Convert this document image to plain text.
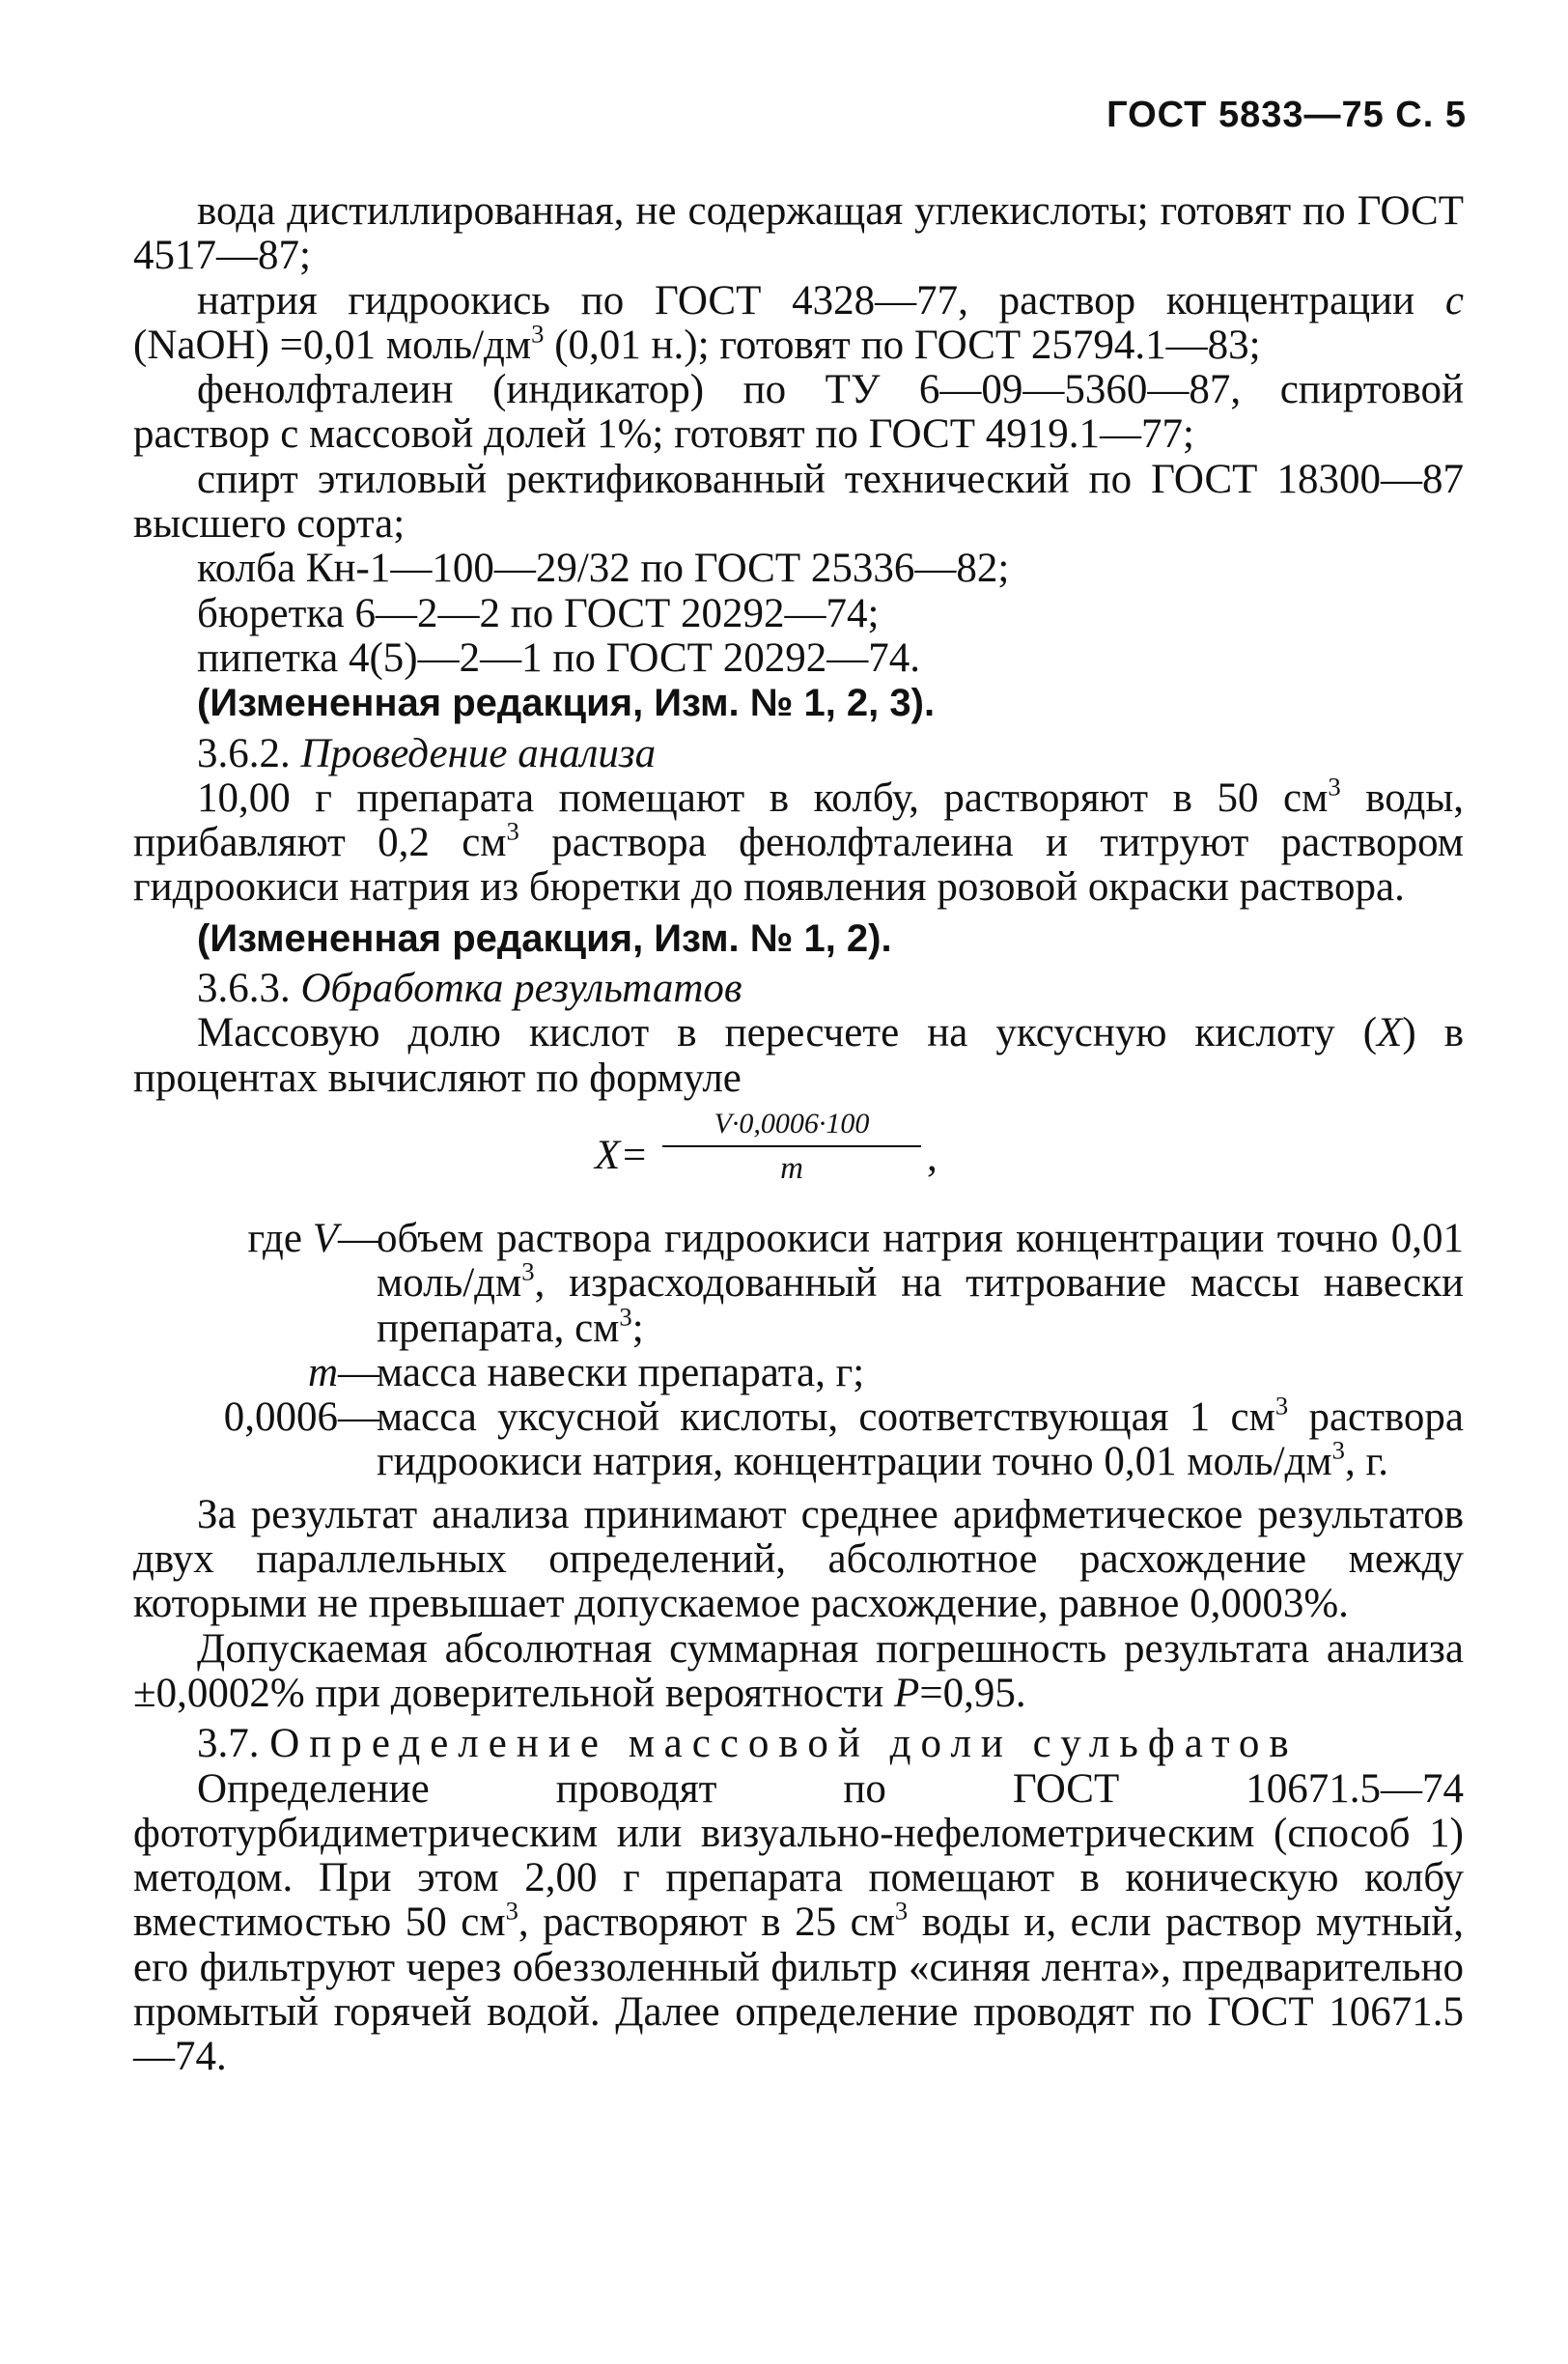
ГОСТ 5833—75 С. 5

вода дистиллированная, не содержащая углекислоты; готовят по ГОСТ 4517—87;

натрия гидроокись по ГОСТ 4328—77, раствор концентрации c (NaOH) =0,01 моль/$дм^3$ (0,01 н.); готовят по ГОСТ 25794.1—83;

фенолфталеин (индикатор) по ТУ 6—09—5360—87, спиртовой раствор с массовой долей 1%; готовят по ГОСТ 4919.1—77;

спирт этиловый ректификованный технический по ГОСТ 18300—87 высшего сорта;

колба Кн-1—100—29/32 по ГОСТ 25336—82;

бюретка 6—2—2 по ГОСТ 20292—74;

пипетка 4(5)—2—1 по ГОСТ 20292—74.

(Измененная редакция, Изм. № 1, 2, 3).

3.6.2. Проведение анализа

10,00 г препарата помещают в колбу, растворяют в 50 $см^3$ воды, прибавляют 0,2 $см^3$ раствора фенолфталеина и титруют раствором гидроокиси натрия из бюретки до появления розовой окраски раствора.

(Измененная редакция, Изм. № 1, 2).

3.6.3. Обработка результатов

Массовую долю кислот в пересчете на уксусную кислоту (X) в процентах вычисляют по формуле

X=
V·0,0006·100
m	,
где V —
объем раствора гидроокиси натрия концентрации точно 0,01 моль/$дм^3$, израсходованный на титрование массы навески препарата, $см^3$;
m —
масса навески препарата, г;
0,0006 —
масса уксусной кислоты, соответствующая 1 $см^3$ раствора гидроокиси натрия, концентрации точно 0,01 моль/$дм^3$, г.

За результат анализа принимают среднее арифметическое результатов двух параллельных определений, абсолютное расхождение между которыми не превышает допускаемое расхождение, равное 0,0003%.

Допускаемая абсолютная суммарная погрешность результата анализа ±0,0002% при доверительной вероятности P=0,95.

3.7. Определение массовой доли сульфатов

Определение проводят по ГОСТ 10671.5—74 фототурбидиметрическим или визуально-нефелометрическим (способ 1) методом. При этом 2,00 г препарата помещают в коническую колбу вместимостью 50 $см^3$, растворяют в 25 $см^3$ воды и, если раствор мутный, его фильтруют через обеззоленный фильтр «синяя лента», предварительно промытый горячей водой. Далее определение проводят по ГОСТ 10671.5—74.
